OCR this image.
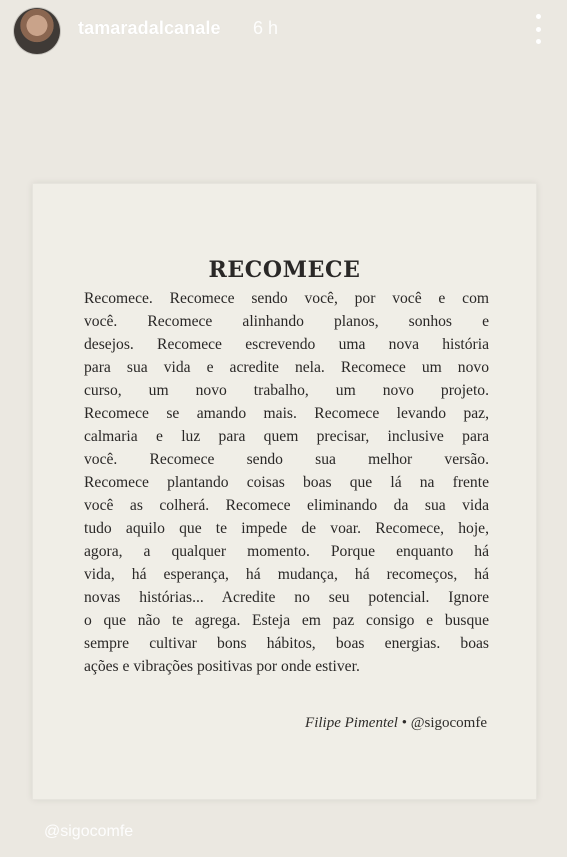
tamaradalcanale 6 h
RECOMECE
Recomece. Recomece sendo você, por você e com
você. Recomece alinhando planos, sonhos e
desejos. Recomece escrevendo uma nova história
para sua vida e acredite nela. Recomece um novo
curso, um novo trabalho, um novo projeto.
Recomece se amando mais. Recomece levando paz,
calmaria e luz para quem precisar, inclusive para
você. Recomece sendo sua melhor versão.
Recomece plantando coisas boas que lá na frente
você as colherá. Recomece eliminando da sua vida
tudo aquilo que te impede de voar. Recomece, hoje,
agora, a qualquer momento. Porque enquanto há
vida, há esperança, há mudança, há recomeços, há
novas histórias... Acredite no seu potencial. Ignore
o que não te agrega. Esteja em paz consigo e busque
sempre cultivar bons hábitos, boas energias. boas
ações e vibrações positivas por onde estiver.
Filipe Pimentel • @sigocomfe
@sigocomfe
